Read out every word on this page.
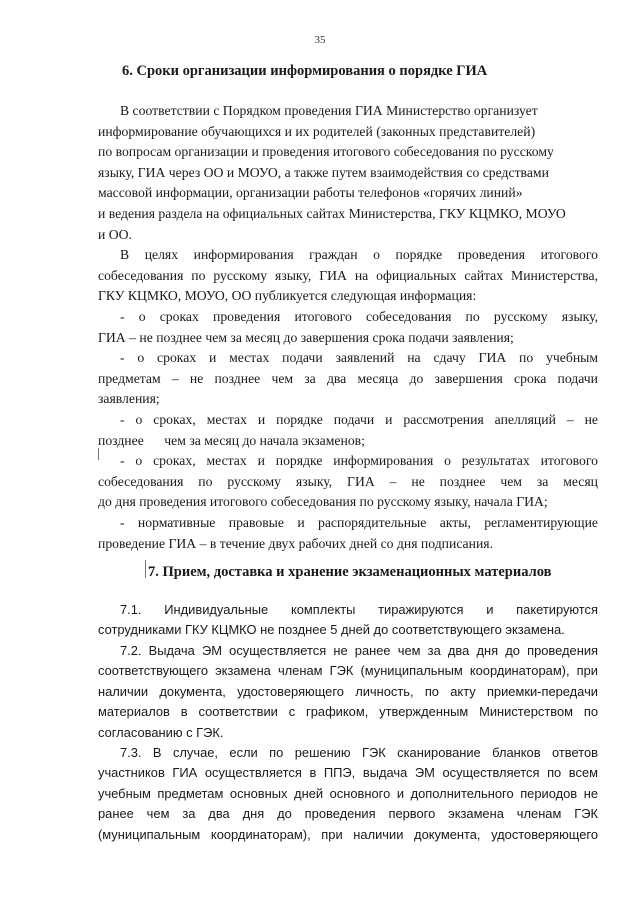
35
6. Сроки организации информирования о порядке ГИА
В соответствии с Порядком проведения ГИА Министерство организует
информирование обучающихся и их родителей (законных представителей)
по вопросам организации и проведения итогового собеседования по русскому
языку, ГИА через ОО и МОУО, а также путем взаимодействия со средствами
массовой информации, организации работы телефонов «горячих линий»
и ведения раздела на официальных сайтах Министерства, ГКУ КЦМКО, МОУО
и ОО.
В целях информирования граждан о порядке проведения итогового
собеседования по русскому языку, ГИА на официальных сайтах Министерства,
ГКУ КЦМКО, МОУО, ОО публикуется следующая информация:
- о сроках проведения итогового собеседования по русскому языку,
ГИА – не позднее чем за месяц до завершения срока подачи заявления;
- о сроках и местах подачи заявлений на сдачу ГИА по учебным
предметам – не позднее чем за два месяца до завершения срока подачи
заявления;
- о сроках, местах и порядке подачи и рассмотрения апелляций – не
позднее      чем за месяц до начала экзаменов;
- о сроках, местах и порядке информирования о результатах итогового
собеседования по русскому языку, ГИА – не позднее чем за месяц
до дня проведения итогового собеседования по русскому языку, начала ГИА;
- нормативные правовые и распорядительные акты, регламентирующие
проведение ГИА – в течение двух рабочих дней со дня подписания.
7. Прием, доставка и хранение экзаменационных материалов
7.1. Индивидуальные комплекты тиражируются и пакетируются
сотрудниками ГКУ КЦМКО не позднее 5 дней до соответствующего экзамена.
7.2. Выдача ЭМ осуществляется не ранее чем за два дня до проведения
соответствующего экзамена членам ГЭК (муниципальным координаторам), при
наличии документа, удостоверяющего личность, по акту приемки-передачи
материалов в соответствии с графиком, утвержденным Министерством по
согласованию с ГЭК.
7.3. В случае, если по решению ГЭК сканирование бланков ответов
участников ГИА осуществляется в ППЭ, выдача ЭМ осуществляется по всем
учебным предметам основных дней основного и дополнительного периодов не
ранее чем за два дня до проведения первого экзамена членам ГЭК
(муниципальным координаторам), при наличии документа, удостоверяющего
